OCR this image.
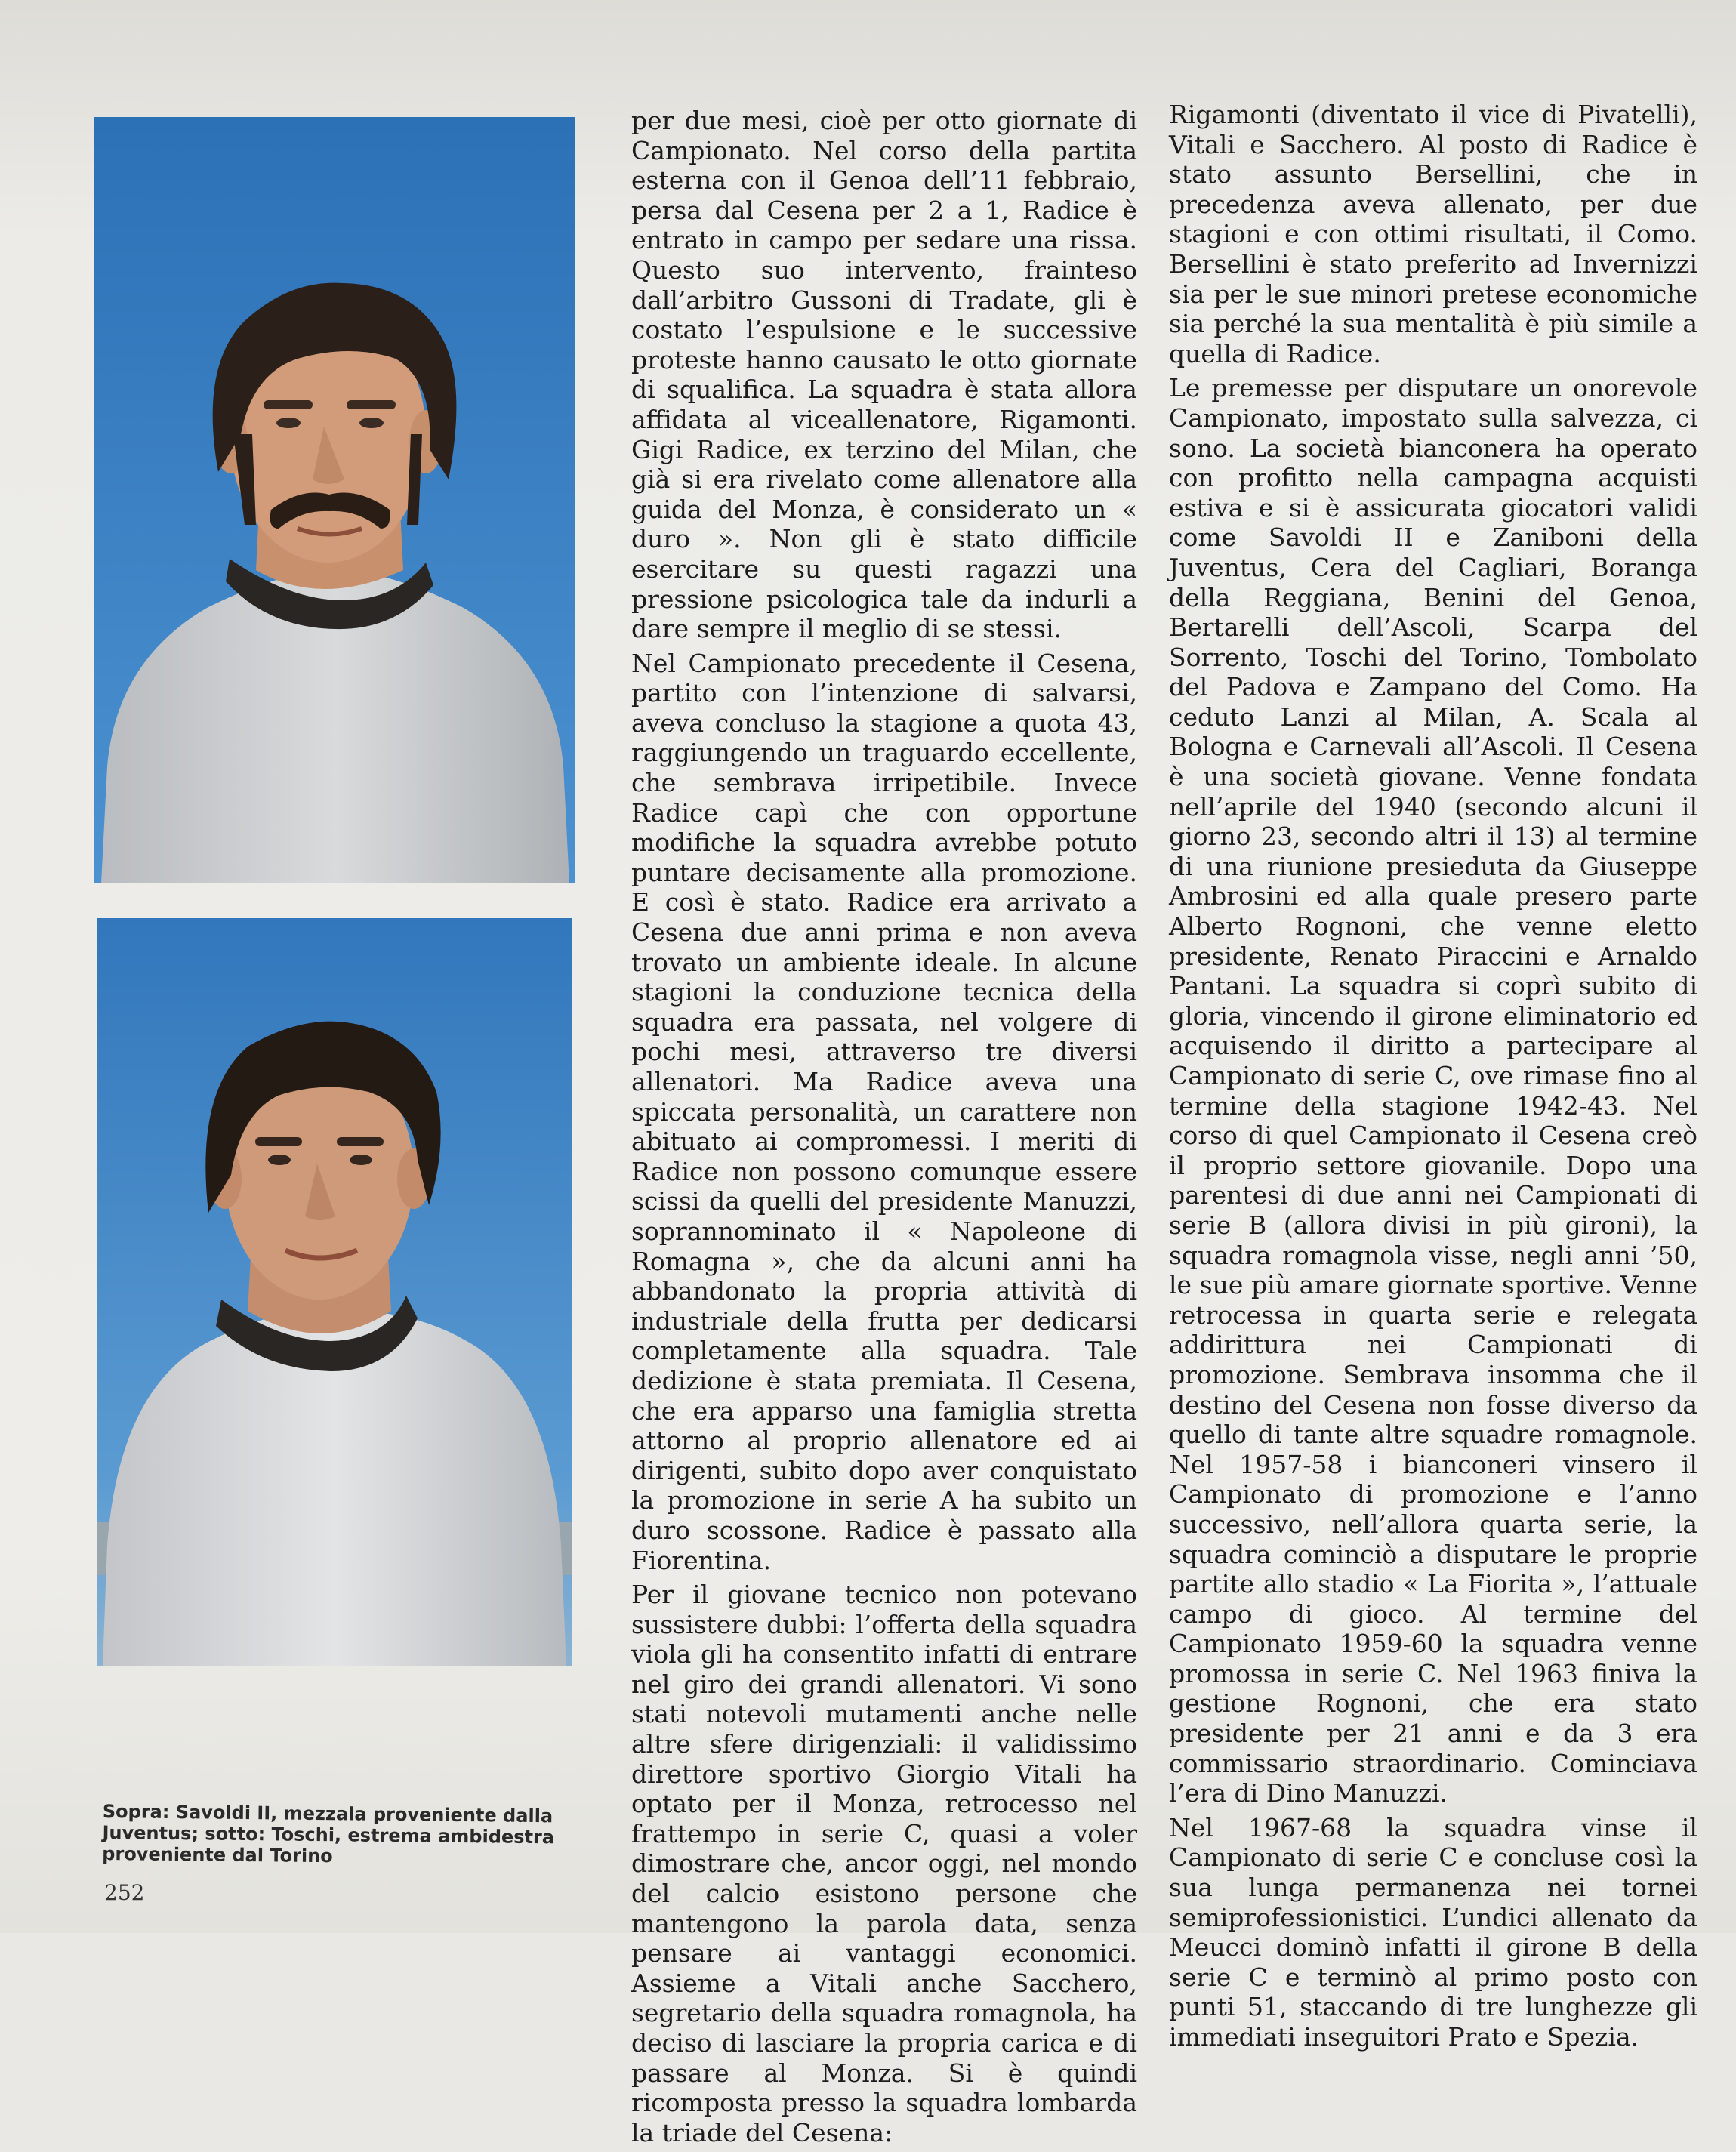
Sopra: Savoldi II, mezzala proveniente dalla Juventus; sotto: Toschi, estrema ambidestra proveniente dal Torino
252

per due mesi, cioè per otto giornate di Campionato. Nel corso della partita esterna con il Genoa dell’11 febbraio, persa dal Cesena per 2 a 1, Radice è entrato in campo per sedare una rissa. Questo suo intervento, frainteso dall’arbitro Gussoni di Tradate, gli è costato l’espulsione e le successive proteste hanno causato le otto giornate di squalifica. La squadra è stata allora affidata al viceallenatore, Rigamonti. Gigi Radice, ex terzino del Milan, che già si era rivelato come allenatore alla guida del Monza, è considerato un « duro ». Non gli è stato difficile esercitare su questi ragazzi una pressione psicologica tale da indurli a dare sempre il meglio di se stessi.

Nel Campionato precedente il Cesena, partito con l’intenzione di salvarsi, aveva concluso la stagione a quota 43, raggiungendo un traguardo eccellente, che sembrava irripetibile. Invece Radice capì che con opportune modifiche la squadra avrebbe potuto puntare decisamente alla promozione. E così è stato. Radice era arrivato a Cesena due anni prima e non aveva trovato un ambiente ideale. In alcune stagioni la conduzione tecnica della squadra era passata, nel volgere di pochi mesi, attraverso tre diversi allenatori. Ma Radice aveva una spiccata personalità, un carattere non abituato ai compromessi. I meriti di Radice non possono comunque essere scissi da quelli del presidente Manuzzi, soprannominato il « Napoleone di Romagna », che da alcuni anni ha abbandonato la propria attività di industriale della frutta per dedicarsi completamente alla squadra. Tale dedizione è stata premiata. Il Cesena, che era apparso una famiglia stretta attorno al proprio allenatore ed ai dirigenti, subito dopo aver conquistato la promozione in serie A ha subito un duro scossone. Radice è passato alla Fiorentina.

Per il giovane tecnico non potevano sussistere dubbi: l’offerta della squadra viola gli ha consentito infatti di entrare nel giro dei grandi allenatori. Vi sono stati notevoli mutamenti anche nelle altre sfere dirigenziali: il validissimo direttore sportivo Giorgio Vitali ha optato per il Monza, retrocesso nel frattempo in serie C, quasi a voler dimostrare che, ancor oggi, nel mondo del calcio esistono persone che mantengono la parola data, senza pensare ai vantaggi economici. Assieme a Vitali anche Sacchero, segretario della squadra romagnola, ha deciso di lasciare la propria carica e di passare al Monza. Si è quindi ricomposta presso la squadra lombarda la triade del Cesena:

Rigamonti (diventato il vice di Pivatelli), Vitali e Sacchero. Al posto di Radice è stato assunto Bersellini, che in precedenza aveva allenato, per due stagioni e con ottimi risultati, il Como. Bersellini è stato preferito ad Invernizzi sia per le sue minori pretese economiche sia perché la sua mentalità è più simile a quella di Radice.

Le premesse per disputare un onorevole Campionato, impostato sulla salvezza, ci sono. La società bianconera ha operato con profitto nella campagna acquisti estiva e si è assicurata giocatori validi come Savoldi II e Zaniboni della Juventus, Cera del Cagliari, Boranga della Reggiana, Benini del Genoa, Bertarelli dell’Ascoli, Scarpa del Sorrento, Toschi del Torino, Tombolato del Padova e Zampano del Como. Ha ceduto Lanzi al Milan, A. Scala al Bologna e Carnevali all’Ascoli. Il Cesena è una società giovane. Venne fondata nell’aprile del 1940 (secondo alcuni il giorno 23, secondo altri il 13) al termine di una riunione presieduta da Giuseppe Ambrosini ed alla quale presero parte Alberto Rognoni, che venne eletto presidente, Renato Piraccini e Arnaldo Pantani. La squadra si coprì subito di gloria, vincendo il girone eliminatorio ed acquisendo il diritto a partecipare al Campionato di serie C, ove rimase fino al termine della stagione 1942-43. Nel corso di quel Campionato il Cesena creò il proprio settore giovanile. Dopo una parentesi di due anni nei Campionati di serie B (allora divisi in più gironi), la squadra romagnola visse, negli anni ’50, le sue più amare giornate sportive. Venne retrocessa in quarta serie e relegata addirittura nei Campionati di promozione. Sembrava insomma che il destino del Cesena non fosse diverso da quello di tante altre squadre romagnole. Nel 1957-58 i bianconeri vinsero il Campionato di promozione e l’anno successivo, nell’allora quarta serie, la squadra cominciò a disputare le proprie partite allo stadio « La Fiorita », l’attuale campo di gioco. Al termine del Campionato 1959-60 la squadra venne promossa in serie C. Nel 1963 finiva la gestione Rognoni, che era stato presidente per 21 anni e da 3 era commissario straordinario. Cominciava l’era di Dino Manuzzi.

Nel 1967-68 la squadra vinse il Campionato di serie C e concluse così la sua lunga permanenza nei tornei semiprofessionistici. L’undici allenato da Meucci dominò infatti il girone B della serie C e terminò al primo posto con punti 51, staccando di tre lunghezze gli immediati inseguitori Prato e Spezia.
